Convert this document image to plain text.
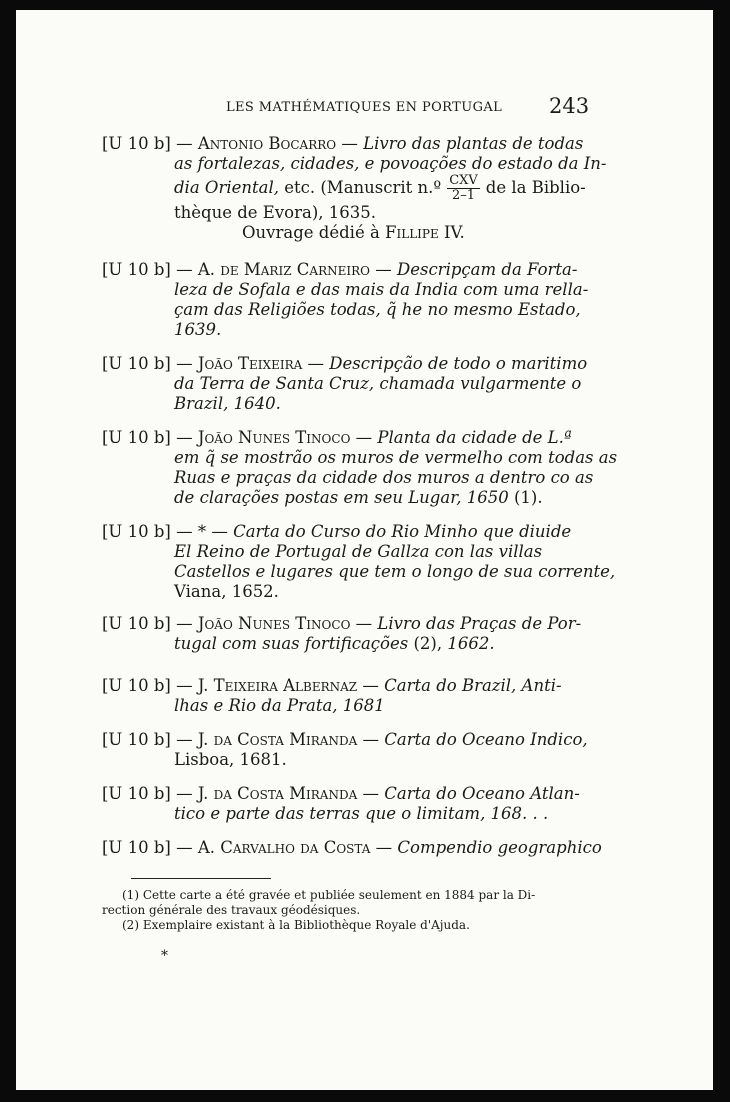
LES MATHÉMATIQUES EN PORTUGAL 243
[U 10 b] — Antonio Bocarro — Livro das plantas de todas
as fortalezas, cidades, e povoações do estado da In-
dia Oriental, etc. (Manuscrit n.º $\frac{\text{CXV}}{2-1}$ de la Biblio-
thèque de Evora), 1635.
Ouvrage dédié à Fillipe IV.
[U 10 b] — A. de Mariz Carneiro — Descripçam da Forta-
leza de Sofala e das mais da India com uma rella-
çam das Religiões todas, q̃ he no mesmo Estado,
1639.
[U 10 b] — João Teixeira — Descripção de todo o maritimo
da Terra de Santa Cruz, chamada vulgarmente o
Brazil, 1640.
[U 10 b] — João Nunes Tinoco — Planta da cidade de L.ª
em q̃ se mostrão os muros de vermelho com todas as
Ruas e praças da cidade dos muros a dentro co as
de clarações postas em seu Lugar, 1650 (1).
[U 10 b] — * — Carta do Curso do Rio Minho que diuide
El Reino de Portugal de Gallza con las villas
Castellos e lugares que tem o longo de sua corrente,
Viana, 1652.
[U 10 b] — João Nunes Tinoco — Livro das Praças de Por-
tugal com suas fortificações (2), 1662.
[U 10 b] — J. Teixeira Albernaz — Carta do Brazil, Anti-
lhas e Rio da Prata, 1681
[U 10 b] — J. da Costa Miranda — Carta do Oceano Indico,
Lisboa, 1681.
[U 10 b] — J. da Costa Miranda — Carta do Oceano Atlan-
tico e parte das terras que o limitam, 168. . .
[U 10 b] — A. Carvalho da Costa — Compendio geographico
(1) Cette carte a été gravée et publiée seulement en 1884 par la Di-
rection générale des travaux géodésiques.
(2) Exemplaire existant à la Bibliothèque Royale d'Ajuda.
*
